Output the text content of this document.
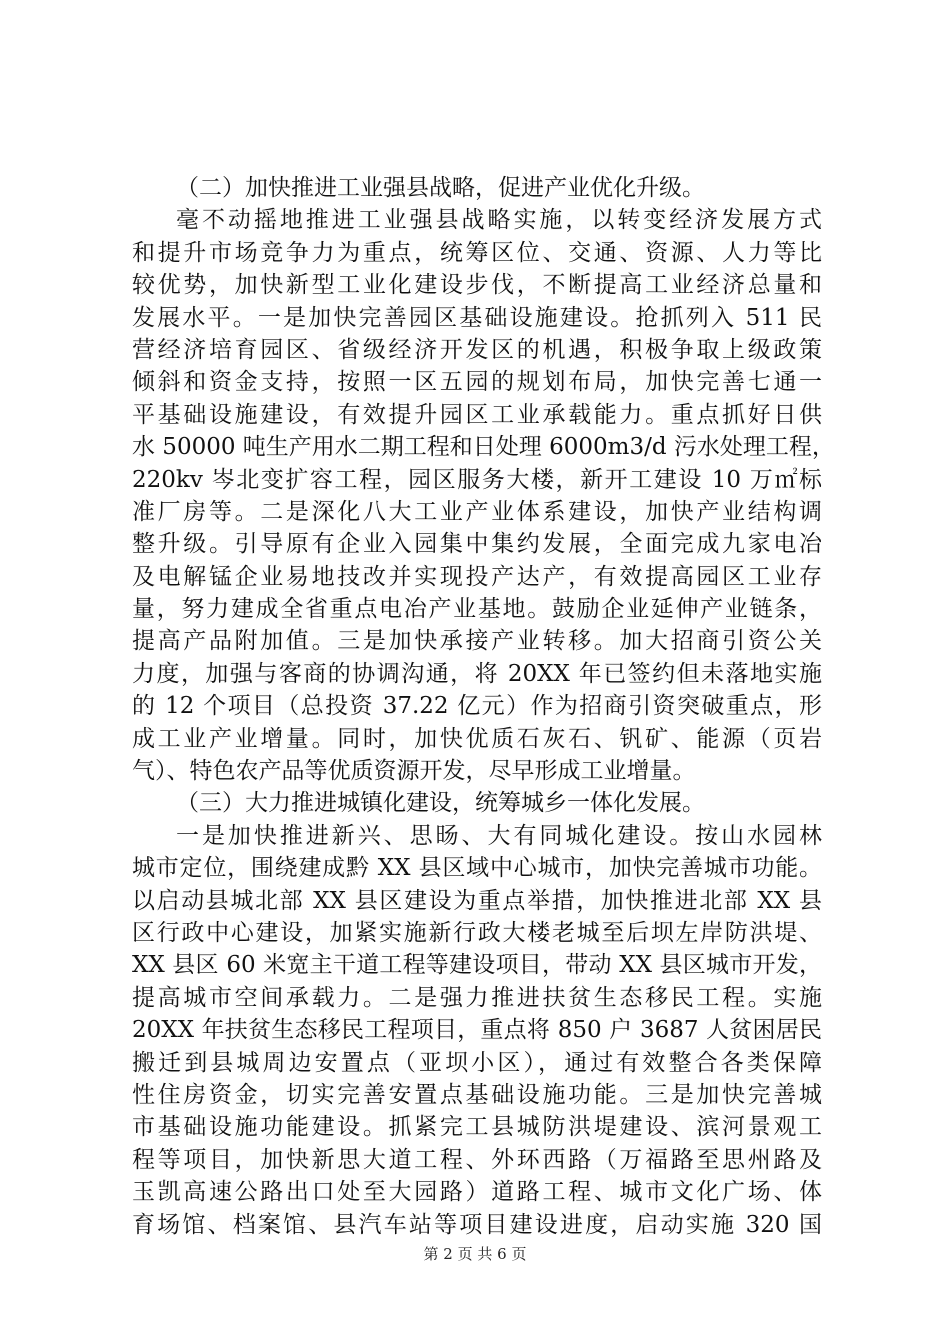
（二）加快推进工业强县战略，促进产业优化升级。
毫不动摇地推进工业强县战略实施，以转变经济发展方式
和提升市场竞争力为重点，统筹区位、交通、资源、人力等比
较优势，加快新型工业化建设步伐，不断提高工业经济总量和
发展水平。一是加快完善园区基础设施建设。抢抓列入 511 民
营经济培育园区、省级经济开发区的机遇，积极争取上级政策
倾斜和资金支持，按照一区五园的规划布局，加快完善七通一
平基础设施建设，有效提升园区工业承载能力。重点抓好日供
水 50000 吨生产用水二期工程和日处理 6000m3/d 污水处理工程，
220kv 岑北变扩容工程，园区服务大楼，新开工建设 10 万㎡标
准厂房等。二是深化八大工业产业体系建设，加快产业结构调
整升级。引导原有企业入园集中集约发展，全面完成九家电冶
及电解锰企业易地技改并实现投产达产，有效提高园区工业存
量，努力建成全省重点电冶产业基地。鼓励企业延伸产业链条，
提高产品附加值。三是加快承接产业转移。加大招商引资公关
力度，加强与客商的协调沟通，将 20XX 年已签约但未落地实施
的 12 个项目（总投资 37.22 亿元）作为招商引资突破重点，形
成工业产业增量。同时，加快优质石灰石、钒矿、能源（页岩
气）、特色农产品等优质资源开发，尽早形成工业增量。
（三）大力推进城镇化建设，统筹城乡一体化发展。
一是加快推进新兴、思旸、大有同城化建设。按山水园林
城市定位，围绕建成黔 XX 县区域中心城市，加快完善城市功能。
以启动县城北部 XX 县区建设为重点举措，加快推进北部 XX 县
区行政中心建设，加紧实施新行政大楼老城至后坝左岸防洪堤、
XX 县区 60 米宽主干道工程等建设项目，带动 XX 县区城市开发，
提高城市空间承载力。二是强力推进扶贫生态移民工程。实施
20XX 年扶贫生态移民工程项目，重点将 850 户 3687 人贫困居民
搬迁到县城周边安置点（亚坝小区），通过有效整合各类保障
性住房资金，切实完善安置点基础设施功能。三是加快完善城
市基础设施功能建设。抓紧完工县城防洪堤建设、滨河景观工
程等项目，加快新思大道工程、外环西路（万福路至思州路及
玉凯高速公路出口处至大园路）道路工程、城市文化广场、体
育场馆、档案馆、县汽车站等项目建设进度，启动实施 320 国
第 2 页 共 6 页
